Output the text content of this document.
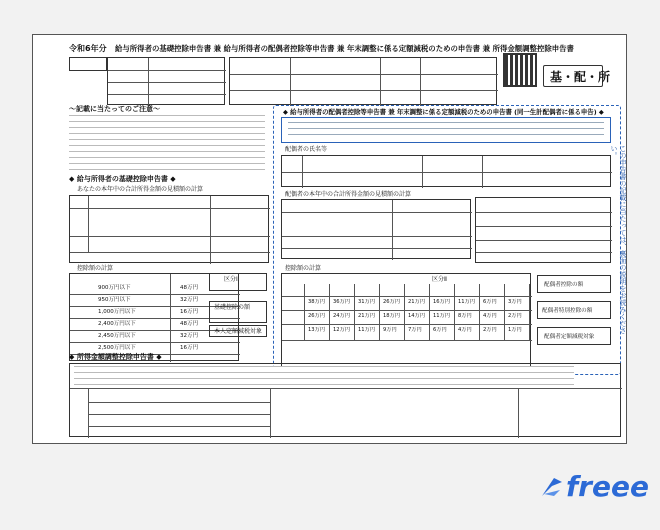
令和6年分 給与所得者の基礎控除申告書 兼 給与所得者の配偶者控除等申告書 兼 年末調整に係る定額減税のための申告書 兼 所得金額調整控除申告書
基・配・所
〜記載に当たってのご注意〜
◆ 給与所得者の基礎控除申告書 ◆
あなたの本年中の合計所得金額の見積額の計算
控除額の計算
900万円以下	48万円
950万円以下	32万円
1,000万円以下	16万円
2,400万円以下	48万円
2,450万円以下	32万円
2,500万円以下	16万円
区分Ⅰ
基礎控除の額
本人定額減税対象
◆ 給与所得者の配偶者控除等申告書 兼 年末調整に係る定額減税のための申告書 (同一生計配偶者に係る申告) ◆
配偶者の氏名等
配偶者の本年中の合計所得金額の見積額の計算
控除額の計算
区分Ⅱ
38万円 36万円 31万円 26万円 21万円 16万円 11万円 6万円 3万円
26万円 24万円 21万円 18万円 14万円 11万円 8万円 4万円 2万円
13万円 12万円 11万円 9万円 7万円 6万円 4万円 2万円 1万円
配偶者控除の額
配偶者特別控除の額
配偶者定額減税対象
◆ 所得金額調整控除申告書 ◆
この申告書の記載に当たっては、裏面の説明をお読みください。
freee
